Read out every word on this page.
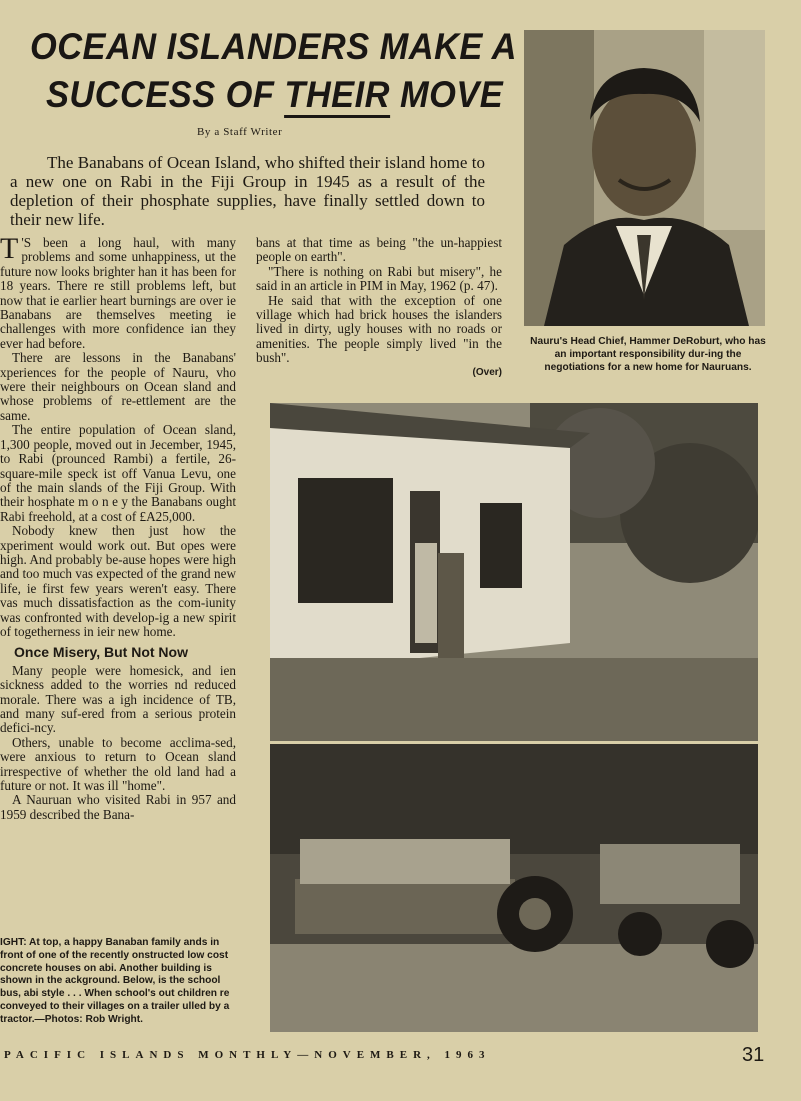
OCEAN ISLANDERS MAKE A
SUCCESS OF THEIR MOVE
By a Staff Writer
The Banabans of Ocean Island, who shifted their island home to a new one on Rabi in the Fiji Group in 1945 as a result of the depletion of their phosphate supplies, have finally settled down to their new life.

T 'S been a long haul, with many problems and some unhappiness, ut the future now looks brighter han it has been for 18 years. There re still problems left, but now that ie earlier heart burnings are over ie Banabans are themselves meeting ie challenges with more confidence ian they ever had before.

There are lessons in the Banabans' xperiences for the people of Nauru, vho were their neighbours on Ocean sland and whose problems of re-ettlement are the same.

The entire population of Ocean sland, 1,300 people, moved out in Jecember, 1945, to Rabi (prounced Rambi) a fertile, 26-square-mile speck ist off Vanua Levu, one of the main slands of the Fiji Group. With their hosphate m o n e y the Banabans ought Rabi freehold, at a cost of £A25,000.

Nobody knew then just how the xperiment would work out. But opes were high. And probably be-ause hopes were high and too much vas expected of the grand new life, ie first few years weren't easy. There vas much dissatisfaction as the com-iunity was confronted with develop-ig a new spirit of togetherness in ieir new home.

Once Misery, But Not Now

Many people were homesick, and ien sickness added to the worries nd reduced morale. There was a igh incidence of TB, and many suf-ered from a serious protein defici-ncy.

Others, unable to become acclima-sed, were anxious to return to Ocean sland irrespective of whether the old land had a future or not. It was ill "home".

A Nauruan who visited Rabi in 957 and 1959 described the Bana-

bans at that time as being "the un-happiest people on earth".

"There is nothing on Rabi but misery", he said in an article in PIM in May, 1962 (p. 47).

He said that with the exception of one village which had brick houses the islanders lived in dirty, ugly houses with no roads or amenities. The people simply lived "in the bush".

(Over)
Nauru's Head Chief, Hammer DeRoburt, who has an important responsibility dur-ing the negotiations for a new home for Nauruans.
IGHT: At top, a happy Banaban family ands in front of one of the recently onstructed low cost concrete houses on abi. Another building is shown in the ackground. Below, is the school bus, abi style . . . When school's out children re conveyed to their villages on a trailer ulled by a tractor.—Photos: Rob Wright.
PACIFIC ISLANDS MONTHLY—NOVEMBER, 1963	31
